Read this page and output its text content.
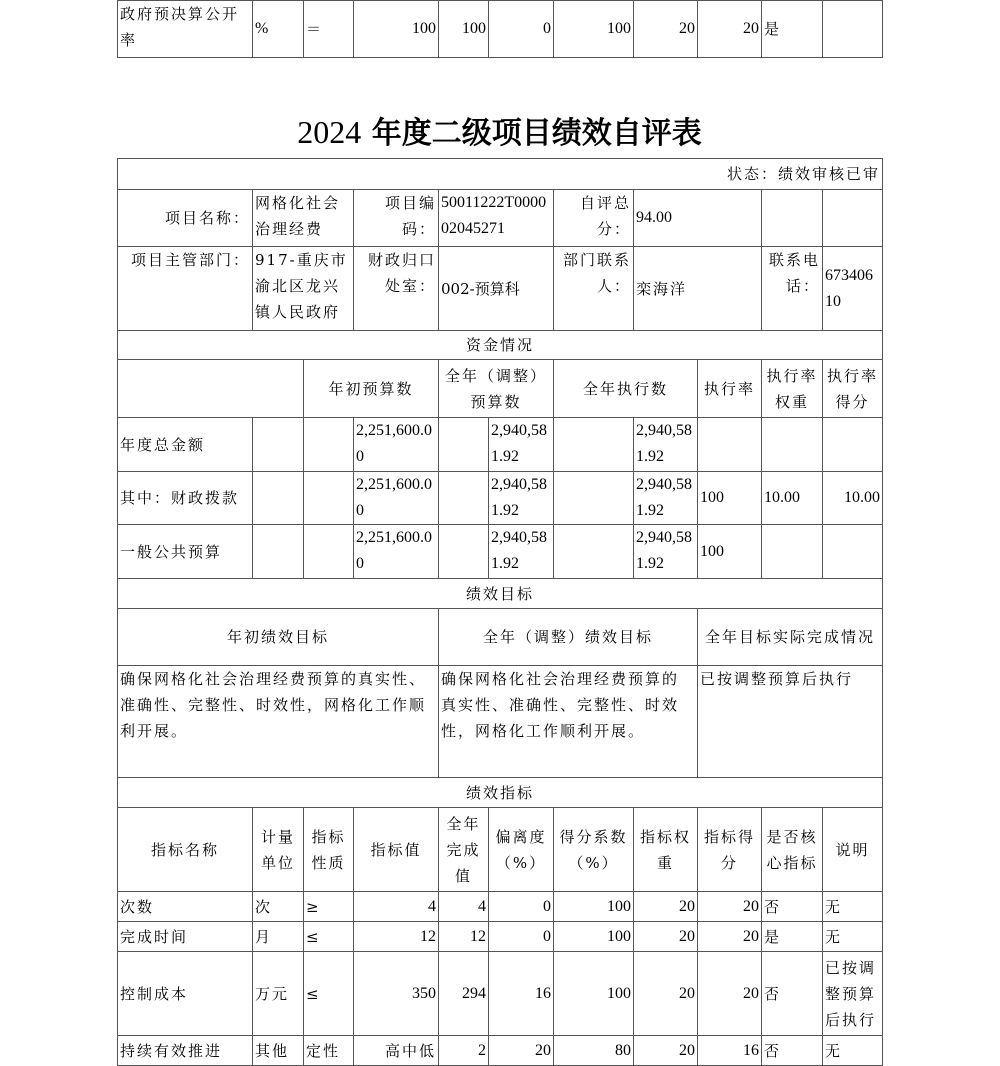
政府预决算公开率	%	＝	100	100	0	100	20	20	是	
2024 年度二级项目绩效自评表
状态：绩效审核已审										
项目名称：	网格化社会治理经费		项目编码：	50011222T000002045271		自评总分：	94.00			
项目主管部门：	917-重庆市渝北区龙兴镇人民政府		财政归口处室：	002-预算科		部门联系人：	栾海洋		联系电话：	67340610
资金情况										
		年初预算数		全年（调整）预算数		全年执行数		执行率	执行率权重	执行率得分
年度总金额			2,251,600.00		2,940,581.92		2,940,581.92			
其中：财政拨款			2,251,600.00		2,940,581.92		2,940,581.92	100	10.00	10.00
一般公共预算			2,251,600.00		2,940,581.92		2,940,581.92	100		
绩效目标										
年初绩效目标				全年（调整）绩效目标				全年目标实际完成情况		
确保网格化社会治理经费预算的真实性、准确性、完整性、时效性，网格化工作顺利开展。				确保网格化社会治理经费预算的真实性、准确性、完整性、时效性，网格化工作顺利开展。				已按调整预算后执行		
绩效指标										
指标名称	计量单位	指标性质	指标值	全年完成值	偏离度（%）	得分系数（%）	指标权重	指标得分	是否核心指标	说明
次数	次	≥	4	4	0	100	20	20	否	无
完成时间	月	≤	12	12	0	100	20	20	是	无
控制成本	万元	≤	350	294	16	100	20	20	否	已按调整预算后执行
持续有效推进	其他	定性	高中低	2	20	80	20	16	否	无
